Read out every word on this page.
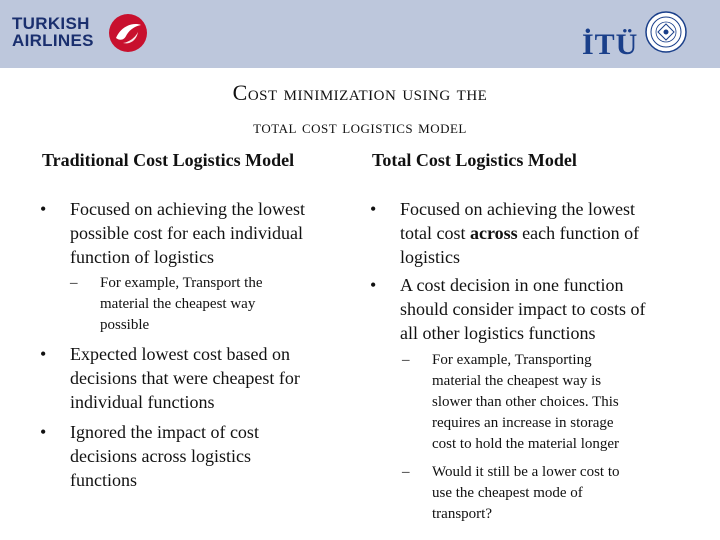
TURKISH
AIRLINES	İTÜ
Cost minimization using the
total cost logistics model
Traditional Cost Logistics Model
• Focused on achieving the lowest
possible cost for each individual
function of logistics
– For example, Transport the
material the cheapest way
possible
• Expected lowest cost based on
decisions that were cheapest for
individual functions
• Ignored the impact of cost
decisions across logistics
functions
Total Cost Logistics Model
• Focused on achieving the lowest
total cost across each function of
logistics
• A cost decision in one function
should consider impact to costs of
all other logistics functions
– For example, Transporting
material the cheapest way is
slower than other choices. This
requires an increase in storage
cost to hold the material longer
– Would it still be a lower cost to
use the cheapest mode of
transport?
